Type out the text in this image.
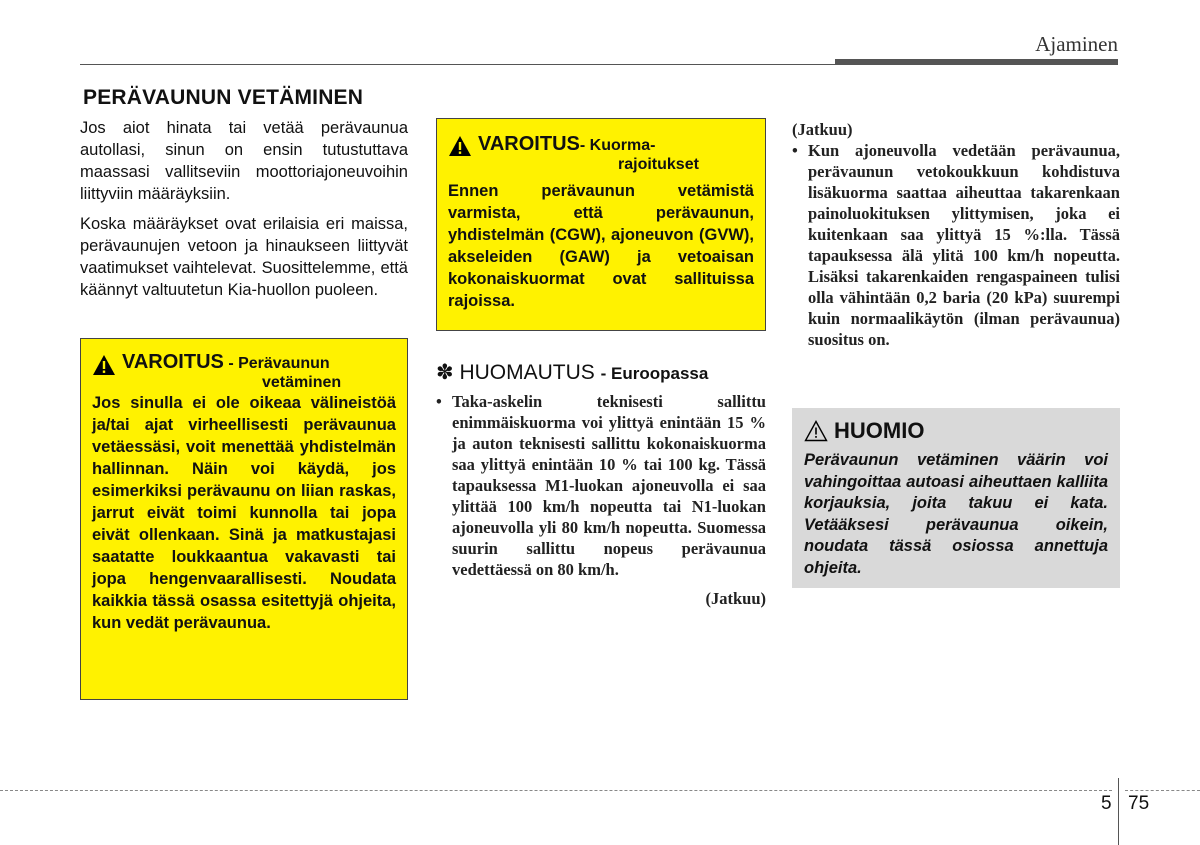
Ajaminen
PERÄVAUNUN VETÄMINEN

Jos aiot hinata tai vetää perävaunua autollasi, sinun on ensin tutustuttava maassasi vallitseviin moottoriajoneuvoihin liittyviin määräyksiin.

Koska määräykset ovat erilaisia eri maissa, perävaunujen vetoon ja hinaukseen liittyvät vaatimukset vaihtelevat. Suosittelemme, että käännyt valtuutetun Kia-huollon puoleen.

VAROITUS - Perävaunun
vetäminen

Jos sinulla ei ole oikeaa välineistöä ja/tai ajat virheellisesti perävaunua vetäessäsi, voit menettää yhdistelmän hallinnan. Näin voi käydä, jos esimerkiksi perävaunu on liian raskas, jarrut eivät toimi kunnolla tai jopa eivät ollenkaan. Sinä ja matkustajasi saatatte loukkaantua vakavasti tai jopa hengenvaarallisesti. Noudata kaikkia tässä osassa esitettyjä ohjeita, kun vedät perävaunua.

VAROITUS- Kuorma-
rajoitukset

Ennen perävaunun vetämistä varmista, että perävaunun, yhdistelmän (CGW), ajoneuvon (GVW), akseleiden (GAW) ja vetoaisan kokonaiskuormat ovat sallituissa rajoissa.

✽ HUOMAUTUS - Euroopassa
• Taka-askelin teknisesti sallittu enimmäiskuorma voi ylittyä enintään 15 % ja auton teknisesti sallittu kokonaiskuorma saa ylittyä enintään 10 % tai 100 kg. Tässä tapauksessa M1-luokan ajoneuvolla ei saa ylittää 100 km/h nopeutta tai N1-luokan ajoneuvolla yli 80 km/h nopeutta. Suomessa suurin sallittu nopeus perävaunua vedettäessä on 80 km/h.
(Jatkuu)
(Jatkuu)
• Kun ajoneuvolla vedetään perävaunua, perävaunun vetokoukkuun kohdistuva lisäkuorma saattaa aiheuttaa takarenkaan painoluokituksen ylittymisen, joka ei kuitenkaan saa ylittyä 15 %:lla. Tässä tapauksessa älä ylitä 100 km/h nopeutta. Lisäksi takarenkaiden rengaspaineen tulisi olla vähintään 0,2 baria (20 kPa) suurempi kuin normaalikäytön (ilman perävaunua) suositus on.
HUOMIO

Perävaunun vetäminen väärin voi vahingoittaa autoasi aiheuttaen kalliita korjauksia, joita takuu ei kata. Vetääksesi perävaunua oikein, noudata tässä osiossa annettuja ohjeita.

5 75
